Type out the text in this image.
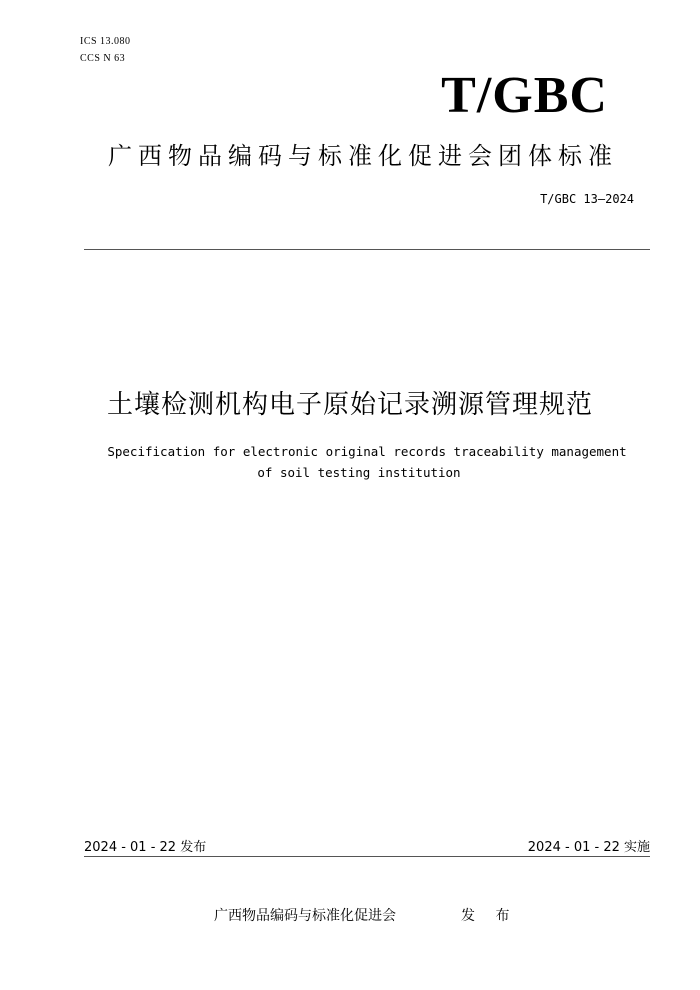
ICS 13.080
CCS N 63
T/GBC
广西物品编码与标准化促进会团体标准
T/GBC 13—2024
土壤检测机构电子原始记录溯源管理规范
Specification for electronic original records traceability management
of soil testing institution
2024 - 01 - 22 发布	2024 - 01 - 22 实施
广西物品编码与标准化促进会	发 布
